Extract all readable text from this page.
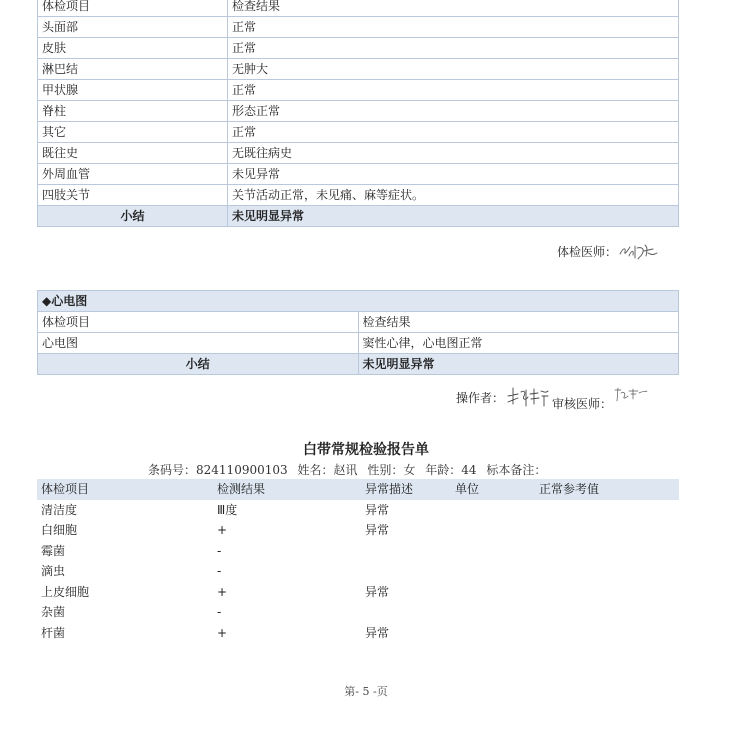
体检项目	检查结果
头面部	正常
皮肤	正常
淋巴结	无肿大
甲状腺	正常
脊柱	形态正常
其它	正常
既往史	无既往病史
外周血管	未见异常
四肢关节	关节活动正常，未见痛、麻等症状。
小结	未见明显异常
体检医师：
◆心电图	
体检项目	检查结果
心电图	窦性心律，心电图正常
小结	未见明显异常
操作者：	审核医师：
白带常规检验报告单
条码号：824110900103 姓名：赵讯 性别：女 年龄：44 标本备注：
体检项目	检测结果	异常描述	单位	正常参考值
清洁度	Ⅲ度	异常		
白细胞	+	异常		
霉菌	-			
滴虫	-			
上皮细胞	+	异常		
杂菌	-			
杆菌	+	异常		
第- 5 -页
